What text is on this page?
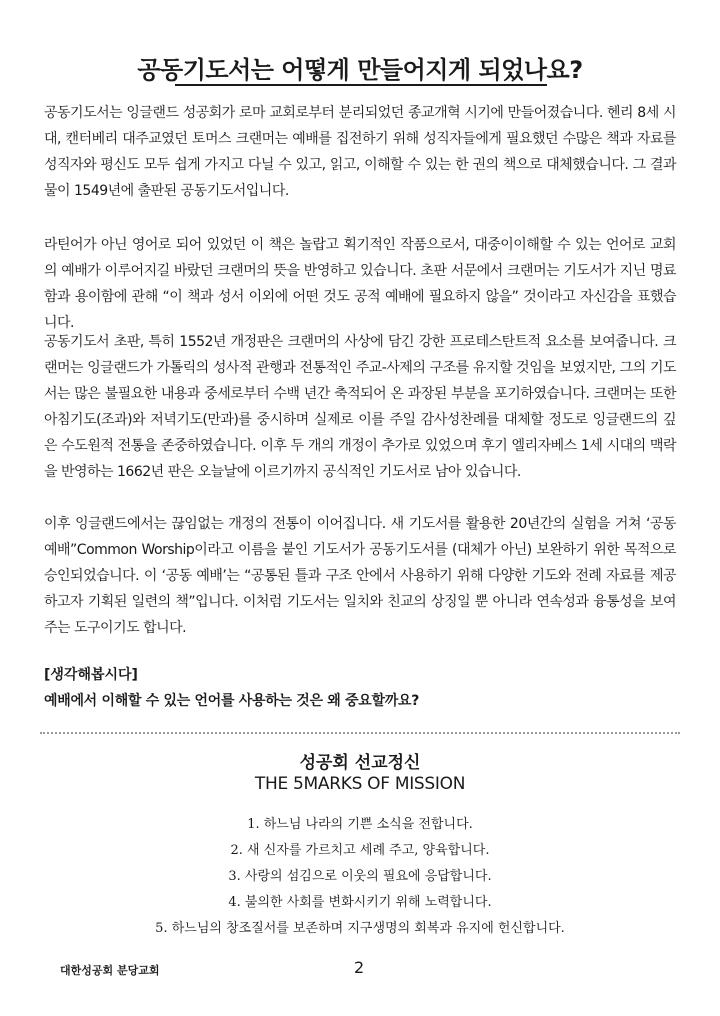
공동기도서는 어떻게 만들어지게 되었나요?

공동기도서는 잉글랜드 성공회가 로마 교회로부터 분리되었던 종교개혁 시기에 만들어졌습니다. 헨리 8세 시대, 캔터베리 대주교였던 토머스 크랜머는 예배를 집전하기 위해 성직자들에게 필요했던 수많은 책과 자료를 성직자와 평신도 모두 쉽게 가지고 다닐 수 있고, 읽고, 이해할 수 있는 한 권의 책으로 대체했습니다. 그 결과물이 1549년에 출판된 공동기도서입니다.

라틴어가 아닌 영어로 되어 있었던 이 책은 놀랍고 획기적인 작품으로서, 대중이이해할 수 있는 언어로 교회의 예배가 이루어지길 바랐던 크랜머의 뜻을 반영하고 있습니다. 초판 서문에서 크랜머는 기도서가 지닌 명료함과 용이함에 관해 “이 책과 성서 이외에 어떤 것도 공적 예배에 필요하지 않을” 것이라고 자신감을 표했습니다.

공동기도서 초판, 특히 1552년 개정판은 크랜머의 사상에 담긴 강한 프로테스탄트적 요소를 보여줍니다. 크랜머는 잉글랜드가 가톨릭의 성사적 관행과 전통적인 주교-사제의 구조를 유지할 것임을 보였지만, 그의 기도서는 많은 불필요한 내용과 중세로부터 수백 년간 축적되어 온 과장된 부분을 포기하였습니다. 크랜머는 또한 아침기도(조과)와 저녁기도(만과)를 중시하며 실제로 이를 주일 감사성찬례를 대체할 정도로 잉글랜드의 깊은 수도원적 전통을 존중하였습니다. 이후 두 개의 개정이 추가로 있었으며 후기 엘리자베스 1세 시대의 맥락을 반영하는 1662년 판은 오늘날에 이르기까지 공식적인 기도서로 남아 있습니다.

이후 잉글랜드에서는 끊임없는 개정의 전통이 이어집니다. 새 기도서를 활용한 20년간의 실험을 거쳐 ‘공동 예배”Common Worship이라고 이름을 붙인 기도서가 공동기도서를 (대체가 아닌) 보완하기 위한 목적으로 승인되었습니다. 이 ‘공동 예배’는 “공통된 틀과 구조 안에서 사용하기 위해 다양한 기도와 전례 자료를 제공하고자 기획된 일련의 책”입니다. 이처럼 기도서는 일치와 친교의 상징일 뿐 아니라 연속성과 융통성을 보여주는 도구이기도 합니다.

[생각해봅시다]
예배에서 이해할 수 있는 언어를 사용하는 것은 왜 중요할까요?
성공회 선교정신
THE 5MARKS OF MISSION
1. 하느님 나라의 기쁜 소식을 전합니다.
2. 새 신자를 가르치고 세례 주고, 양육합니다.
3. 사랑의 섬김으로 이웃의 필요에 응답합니다.
4. 불의한 사회를 변화시키기 위해 노력합니다.
5. 하느님의 창조질서를 보존하며 지구생명의 회복과 유지에 헌신합니다.
대한성공회 분당교회	2
